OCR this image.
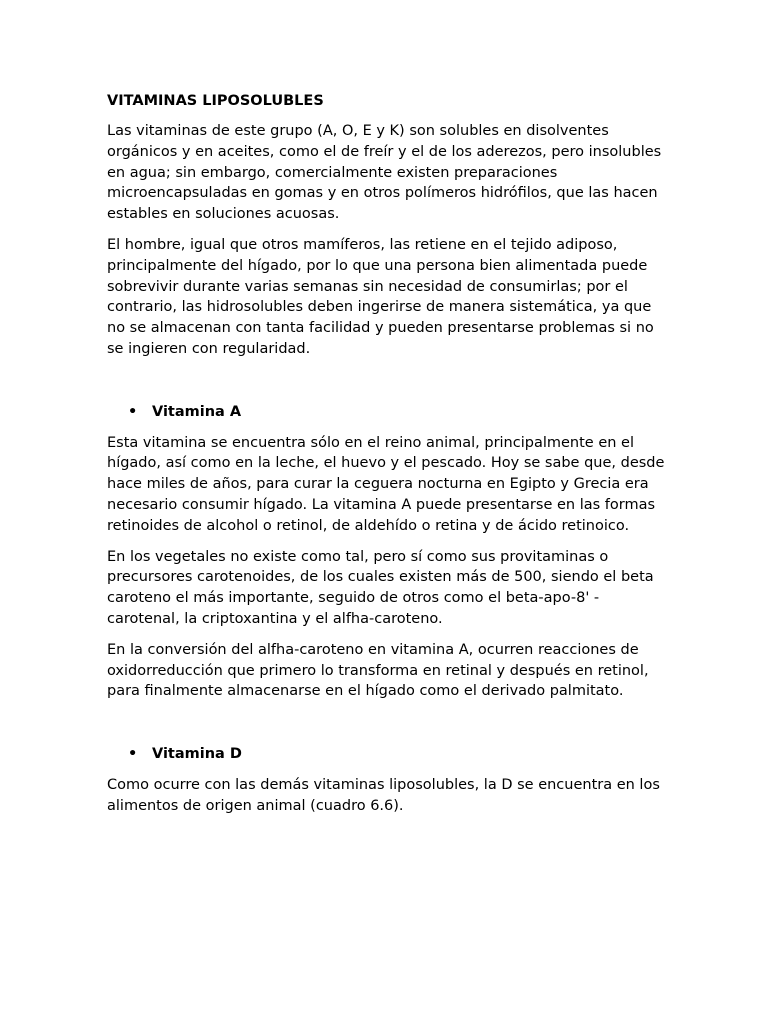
VITAMINAS LIPOSOLUBLES

Las vitaminas de este grupo (A, O, E y K) son solubles en disolventes orgánicos y en aceites, como el de freír y el de los aderezos, pero insolubles en agua; sin embargo, comercialmente existen preparaciones microencapsuladas en gomas y en otros polímeros hidrófilos, que las hacen estables en soluciones acuosas.

El hombre, igual que otros mamíferos, las retiene en el tejido adiposo, principalmente del hígado, por lo que una persona bien alimentada puede sobrevivir durante varias semanas sin necesidad de consumirlas; por el contrario, las hidrosolubles deben ingerirse de manera sistemática, ya que no se almacenan con tanta facilidad y pueden presentarse problemas si no se ingieren con regularidad.

•	Vitamina A

Esta vitamina se encuentra sólo en el reino animal, principalmente en el hígado, así como en la leche, el huevo y el pescado. Hoy se sabe que, desde hace miles de años, para curar la ceguera nocturna en Egipto y Grecia era necesario consumir hígado. La vitamina A puede presentarse en las formas retinoides de alcohol o retinol, de aldehído o retina y de ácido retinoico.

En los vegetales no existe como tal, pero sí como sus provitaminas o precursores carotenoides, de los cuales existen más de 500, siendo el beta caroteno el más importante, seguido de otros como el beta-apo-8' -carotenal, la criptoxantina y el alfha-caroteno.

En la conversión del alfha-caroteno en vitamina A, ocurren reacciones de oxidorreducción que primero lo transforma en retinal y después en retinol, para finalmente almacenarse en el hígado como el derivado palmitato.

•	Vitamina D

Como ocurre con las demás vitaminas liposolubles, la D se encuentra en los alimentos de origen animal (cuadro 6.6).
